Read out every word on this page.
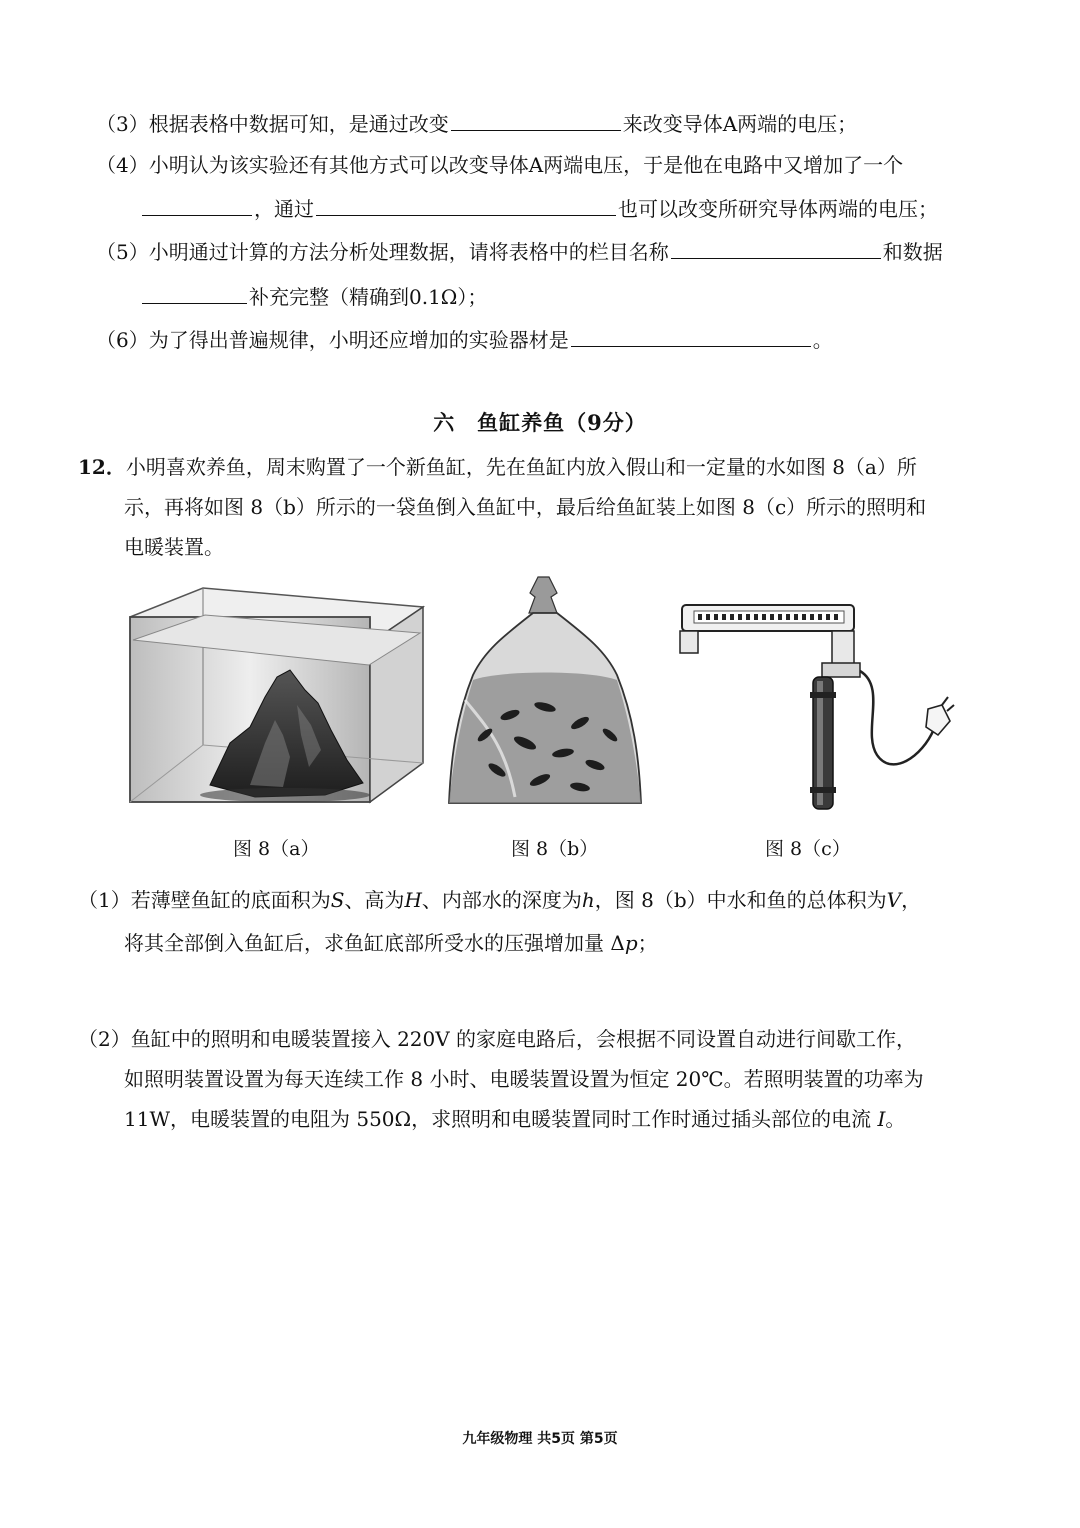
（3）根据表格中数据可知，是通过改变	来改变导体A两端的电压；
（4）小明认为该实验还有其他方式可以改变导体A两端电压，于是他在电路中又增加了一个
，通过	也可以改变所研究导体两端的电压；
（5）小明通过计算的方法分析处理数据，请将表格中的栏目名称	和数据
补充完整（精确到0.1Ω）；
（6）为了得出普遍规律，小明还应增加的实验器材是	。
六　鱼缸养鱼（9分）
12．小明喜欢养鱼，周末购置了一个新鱼缸，先在鱼缸内放入假山和一定量的水如图 8（a）所
示，再将如图 8（b）所示的一袋鱼倒入鱼缸中，最后给鱼缸装上如图 8（c）所示的照明和
电暖装置。
图 8（a）	图 8（b）	图 8（c）
（1）若薄壁鱼缸的底面积为S、高为H、内部水的深度为h，图 8（b）中水和鱼的总体积为V，
将其全部倒入鱼缸后，求鱼缸底部所受水的压强增加量 Δp；
（2）鱼缸中的照明和电暖装置接入 220V 的家庭电路后，会根据不同设置自动进行间歇工作，
如照明装置设置为每天连续工作 8 小时、电暖装置设置为恒定 20℃。若照明装置的功率为
11W，电暖装置的电阻为 550Ω，求照明和电暖装置同时工作时通过插头部位的电流 I。
九年级物理 共5页 第5页
